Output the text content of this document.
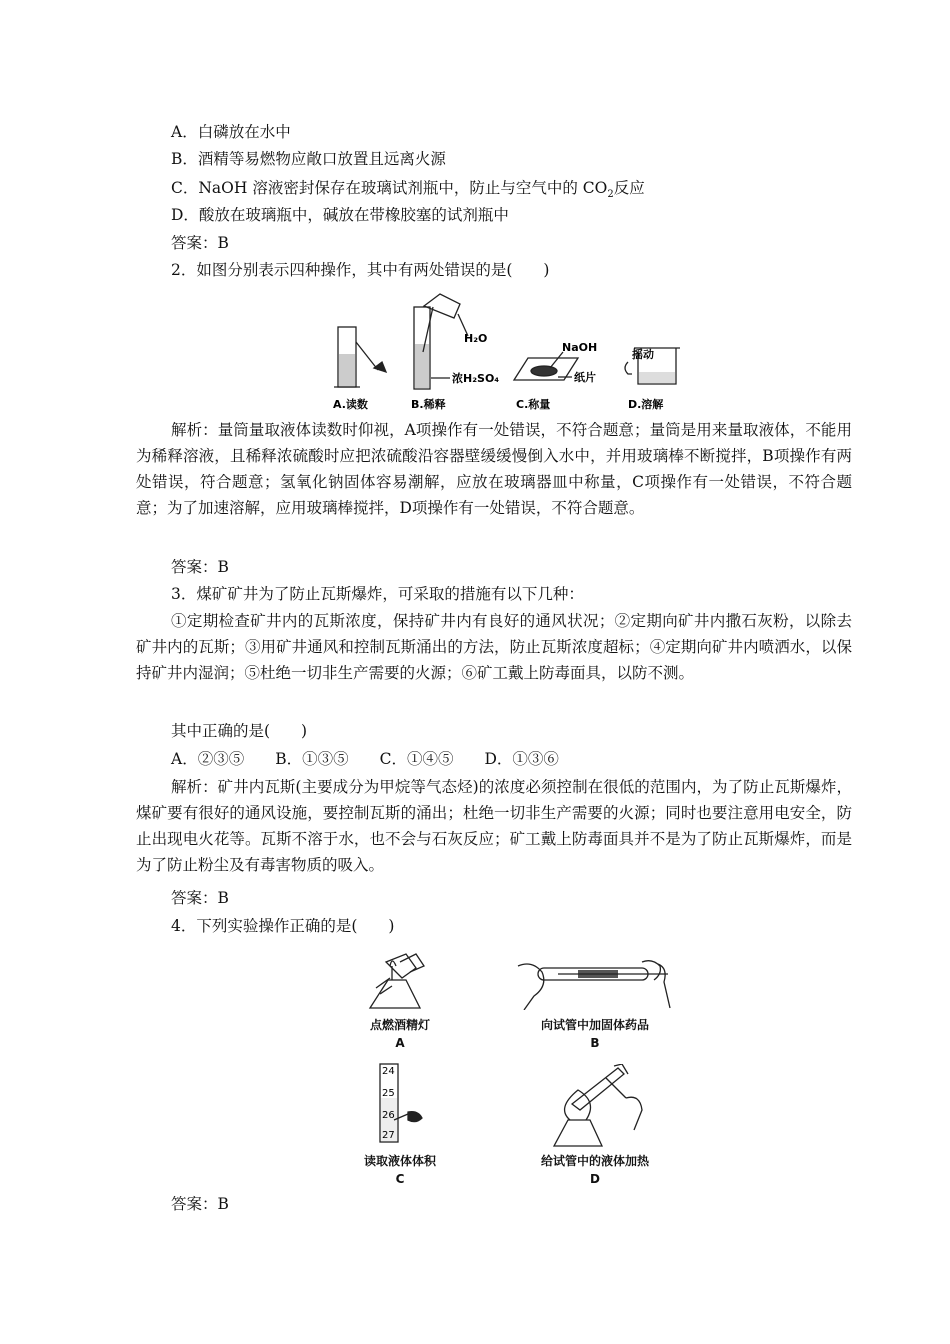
A．白磷放在水中
B．酒精等易燃物应敞口放置且远离火源
C．NaOH 溶液密封保存在玻璃试剂瓶中，防止与空气中的 $CO_2$反应
D．酸放在玻璃瓶中，碱放在带橡胶塞的试剂瓶中
答案：B
2．如图分别表示四种操作，其中有两处错误的是(　　)
A.读数
H₂O
浓H₂SO₄
B.稀释
NaOH
纸片
C.称量
摇动
D.溶解
解析：量筒量取液体读数时仰视，A项操作有一处错误，不符合题意；量筒是用来量取液体，不能用为稀释溶液，且稀释浓硫酸时应把浓硫酸沿容器壁缓缓慢倒入水中，并用玻璃棒不断搅拌，B项操作有两处错误，符合题意；氢氧化钠固体容易潮解，应放在玻璃器皿中称量，C项操作有一处错误，不符合题意；为了加速溶解，应用玻璃棒搅拌，D项操作有一处错误，不符合题意。
答案：B
3．煤矿矿井为了防止瓦斯爆炸，可采取的措施有以下几种：
①定期检查矿井内的瓦斯浓度，保持矿井内有良好的通风状况；②定期向矿井内撒石灰粉，以除去矿井内的瓦斯；③用矿井通风和控制瓦斯涌出的方法，防止瓦斯浓度超标；④定期向矿井内喷洒水，以保持矿井内湿润；⑤杜绝一切非生产需要的火源；⑥矿工戴上防毒面具，以防不测。
其中正确的是(　　)
A．②③⑤　　B．①③⑤　　C．①④⑤　　D．①③⑥
解析：矿井内瓦斯(主要成分为甲烷等气态烃)的浓度必须控制在很低的范围内，为了防止瓦斯爆炸，煤矿要有很好的通风设施，要控制瓦斯的涌出；杜绝一切非生产需要的火源；同时也要注意用电安全，防止出现电火花等。瓦斯不溶于水，也不会与石灰反应；矿工戴上防毒面具并不是为了防止瓦斯爆炸，而是为了防止粉尘及有毒害物质的吸入。
答案：B
4．下列实验操作正确的是(　　)
点燃酒精灯
A
向试管中加固体药品
B
24
25
26
27
读取液体体积
C
给试管中的液体加热
D
答案：B
